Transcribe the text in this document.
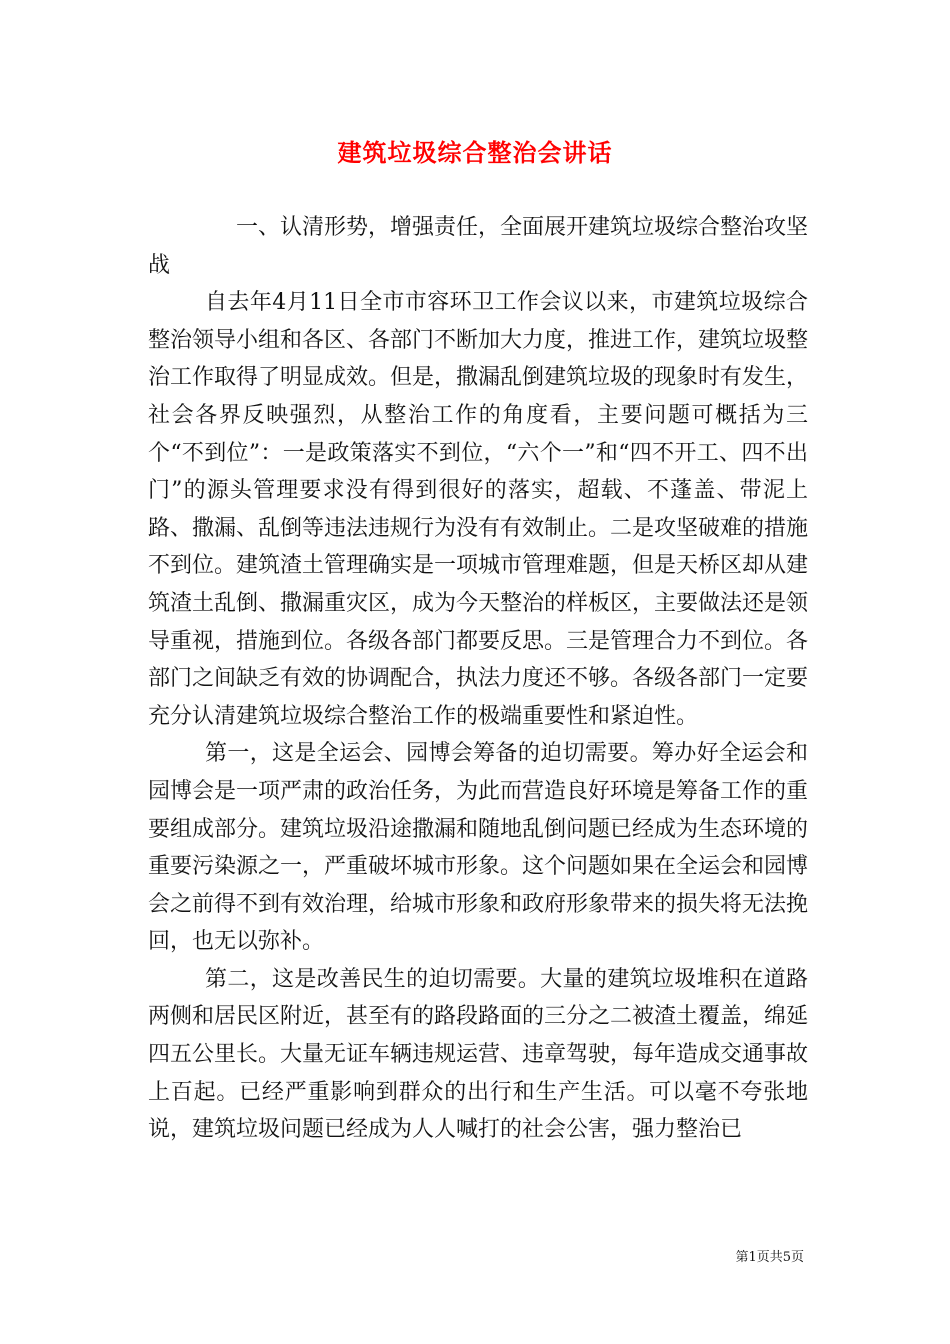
建筑垃圾综合整治会讲话

一、认清形势，增强责任，全面展开建筑垃圾综合整治攻坚战

自去年4月11日全市市容环卫工作会议以来，市建筑垃圾综合整治领导小组和各区、各部门不断加大力度，推进工作，建筑垃圾整治工作取得了明显成效。但是，撒漏乱倒建筑垃圾的现象时有发生，社会各界反映强烈，从整治工作的角度看，主要问题可概括为三个“不到位”：一是政策落实不到位，“六个一”和“四不开工、四不出门”的源头管理要求没有得到很好的落实，超载、不蓬盖、带泥上路、撒漏、乱倒等违法违规行为没有有效制止。二是攻坚破难的措施不到位。建筑渣土管理确实是一项城市管理难题，但是天桥区却从建筑渣土乱倒、撒漏重灾区，成为今天整治的样板区，主要做法还是领导重视，措施到位。各级各部门都要反思。三是管理合力不到位。各部门之间缺乏有效的协调配合，执法力度还不够。各级各部门一定要充分认清建筑垃圾综合整治工作的极端重要性和紧迫性。

第一，这是全运会、园博会筹备的迫切需要。筹办好全运会和园博会是一项严肃的政治任务，为此而营造良好环境是筹备工作的重要组成部分。建筑垃圾沿途撒漏和随地乱倒问题已经成为生态环境的重要污染源之一，严重破坏城市形象。这个问题如果在全运会和园博会之前得不到有效治理，给城市形象和政府形象带来的损失将无法挽回，也无以弥补。

第二，这是改善民生的迫切需要。大量的建筑垃圾堆积在道路两侧和居民区附近，甚至有的路段路面的三分之二被渣土覆盖，绵延四五公里长。大量无证车辆违规运营、违章驾驶，每年造成交通事故上百起。已经严重影响到群众的出行和生产生活。可以毫不夸张地说，建筑垃圾问题已经成为人人喊打的社会公害，强力整治已

第1页共5页
